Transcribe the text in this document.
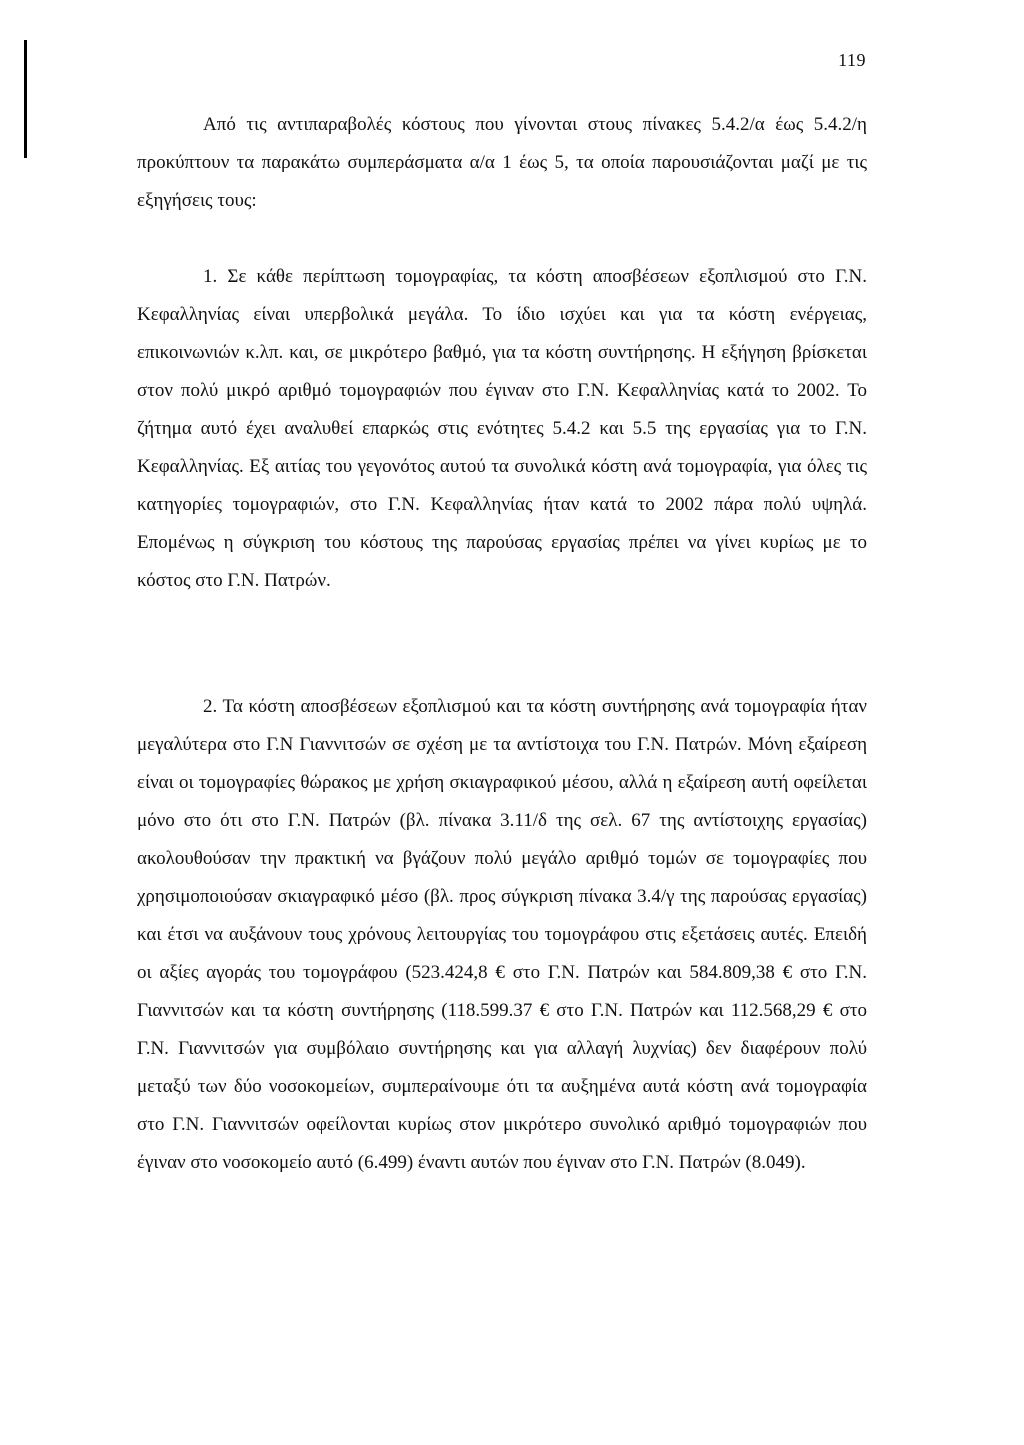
119

Από τις αντιπαραβολές κόστους που γίνονται στους πίνακες 5.4.2/α έως 5.4.2/η προκύπτουν τα παρακάτω συμπεράσματα α/α 1 έως 5, τα οποία παρουσιάζονται μαζί με τις εξηγήσεις τους:

1. Σε κάθε περίπτωση τομογραφίας, τα κόστη αποσβέσεων εξοπλισμού στο Γ.Ν. Κεφαλληνίας είναι υπερβολικά μεγάλα. Το ίδιο ισχύει και για τα κόστη ενέργειας, επικοινωνιών κ.λπ. και, σε μικρότερο βαθμό, για τα κόστη συντήρησης. Η εξήγηση βρίσκεται στον πολύ μικρό αριθμό τομογραφιών που έγιναν στο Γ.Ν. Κεφαλληνίας κατά το 2002. Το ζήτημα αυτό έχει αναλυθεί επαρκώς στις ενότητες 5.4.2 και 5.5 της εργασίας για το Γ.Ν. Κεφαλληνίας. Εξ αιτίας του γεγονότος αυτού τα συνολικά κόστη ανά τομογραφία, για όλες τις κατηγορίες τομογραφιών, στο Γ.Ν. Κεφαλληνίας ήταν κατά το 2002 πάρα πολύ υψηλά. Επομένως η σύγκριση του κόστους της παρούσας εργασίας πρέπει να γίνει κυρίως με το κόστος στο Γ.Ν. Πατρών.

2. Τα κόστη αποσβέσεων εξοπλισμού και τα κόστη συντήρησης ανά τομογραφία ήταν μεγαλύτερα στο Γ.Ν Γιαννιτσών σε σχέση με τα αντίστοιχα του Γ.Ν. Πατρών. Μόνη εξαίρεση είναι οι τομογραφίες θώρακος με χρήση σκιαγραφικού μέσου, αλλά η εξαίρεση αυτή οφείλεται μόνο στο ότι στο Γ.Ν. Πατρών (βλ. πίνακα 3.11/δ της σελ. 67 της αντίστοιχης εργασίας) ακολουθούσαν την πρακτική να βγάζουν πολύ μεγάλο αριθμό τομών σε τομογραφίες που χρησιμοποιούσαν σκιαγραφικό μέσο (βλ. προς σύγκριση πίνακα 3.4/γ της παρούσας εργασίας) και έτσι να αυξάνουν τους χρόνους λειτουργίας του τομογράφου στις εξετάσεις αυτές. Επειδή οι αξίες αγοράς του τομογράφου (523.424,8 € στο Γ.Ν. Πατρών και 584.809,38 € στο Γ.Ν. Γιαννιτσών και τα κόστη συντήρησης (118.599.37 € στο Γ.Ν. Πατρών και 112.568,29 € στο Γ.Ν. Γιαννιτσών για συμβόλαιο συντήρησης και για αλλαγή λυχνίας) δεν διαφέρουν πολύ μεταξύ των δύο νοσοκομείων, συμπεραίνουμε ότι τα αυξημένα αυτά κόστη ανά τομογραφία στο Γ.Ν. Γιαννιτσών οφείλονται κυρίως στον μικρότερο συνολικό αριθμό τομογραφιών που έγιναν στο νοσοκομείο αυτό (6.499) έναντι αυτών που έγιναν στο Γ.Ν. Πατρών (8.049).
